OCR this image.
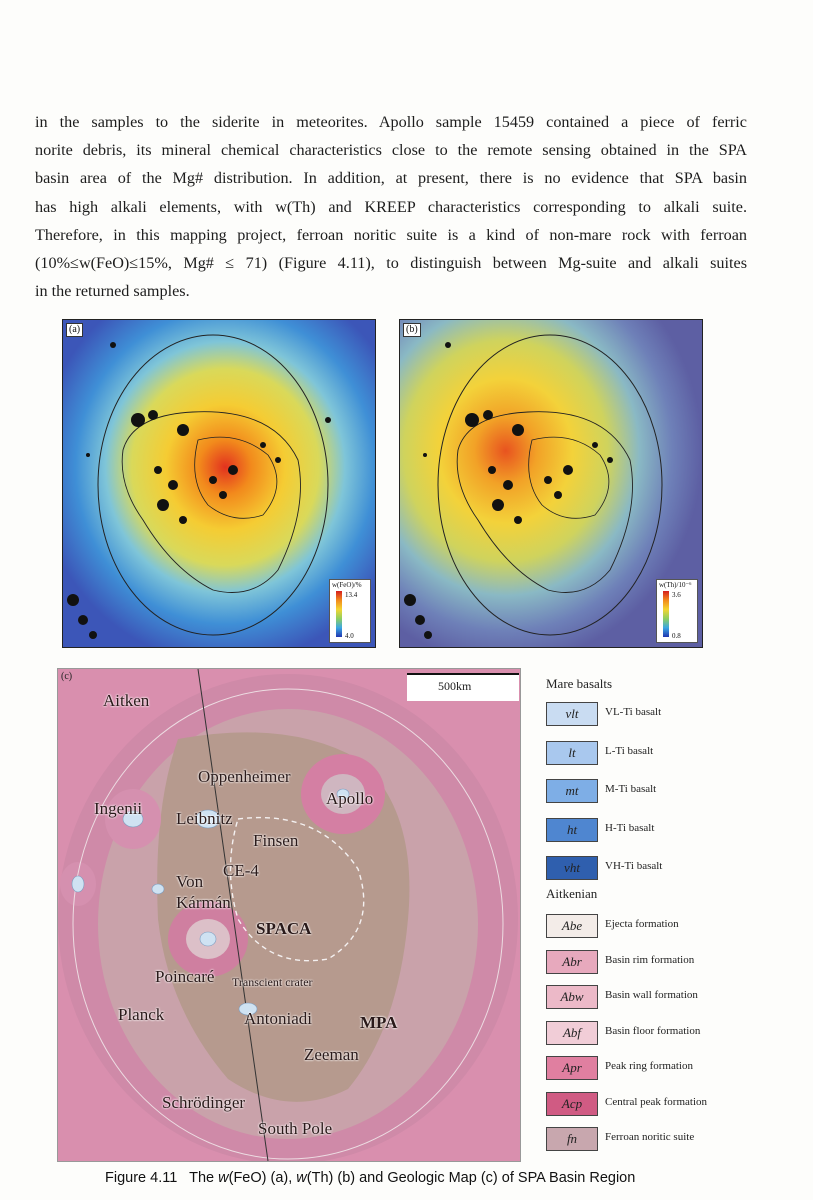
in the samples to the siderite in meteorites. Apollo sample 15459 contained a piece of ferric
norite debris, its mineral chemical characteristics close to the remote sensing obtained in the SPA
basin area of the Mg# distribution. In addition, at present, there is no evidence that SPA basin
has high alkali elements, with w(Th) and KREEP characteristics corresponding to alkali suite.
Therefore, in this mapping project, ferroan noritic suite is a kind of non-mare rock with ferroan
(10%≤w(FeO)≤15%, Mg# ≤ 71) (Figure 4.11), to distinguish between Mg-suite and alkali suites
in the returned samples.
(a)
w(FeO)/%
13.4
4.0
(b)
w(Th)/10⁻⁶
3.6
0.8
(c)
500km
Aitken
Oppenheimer
Apollo
Ingenii
Leibnitz
Finsen
CE-4
Von
Kármán
SPACA
Poincaré Transcient crater
Planck	Antoniadi	MPA
Zeeman
Schrödinger
South Pole
Mare basalts
vlt	VL-Ti basalt
lt	L-Ti basalt
mt	M-Ti basalt
ht	H-Ti basalt
vht	VH-Ti basalt
Aitkenian
Abe	Ejecta formation
Abr	Basin rim formation
Abw	Basin wall formation
Abf	Basin floor formation
Apr	Peak ring formation
Acp	Central peak formation
fn	Ferroan noritic suite
Figure 4.11 The w(FeO) (a), w(Th) (b) and Geologic Map (c) of SPA Basin Region
